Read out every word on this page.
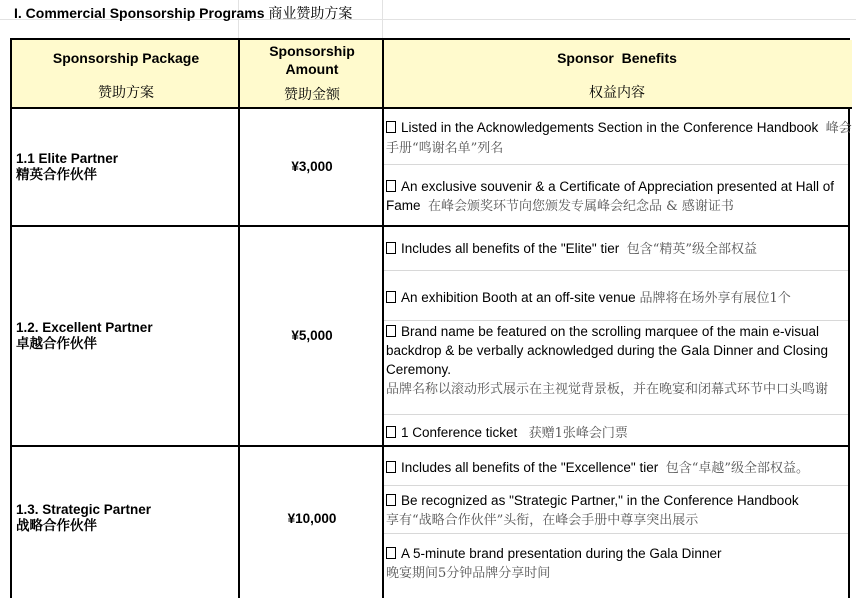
I. Commercial Sponsorship Programs 商业赞助方案
Sponsorship Package
赞助方案
Sponsorship
Amount
赞助金额
Sponsor  Benefits
权益内容
1.1 Elite Partner
精英合作伙伴
¥3,000
Listed in the Acknowledgements Section in the Conference Handbook 峰会手册“鸣谢名单”列名
An exclusive souvenir & a Certificate of Appreciation presented at Hall of Fame 在峰会颁奖环节向您颁发专属峰会纪念品 & 感谢证书
1.2. Excellent Partner
卓越合作伙伴
¥5,000
Includes all benefits of the "Elite" tier 包含“精英”级全部权益
An exhibition Booth at an off-site venue 品牌将在场外享有展位1个
Brand name be featured on the scrolling marquee of the main e-visual backdrop & be verbally acknowledged during the Gala Dinner and Closing Ceremony.
品牌名称以滚动形式展示在主视觉背景板，并在晚宴和闭幕式环节中口头鸣谢
1 Conference ticket 获赠1张峰会门票
1.3. Strategic Partner
战略合作伙伴	¥10,000
Includes all benefits of the "Excellence" tier 包含“卓越”级全部权益。
Be recognized as "Strategic Partner," in the Conference Handbook
享有“战略合作伙伴”头衔，在峰会手册中尊享突出展示
A 5-minute brand presentation during the Gala Dinner
晚宴期间5分钟品牌分享时间
